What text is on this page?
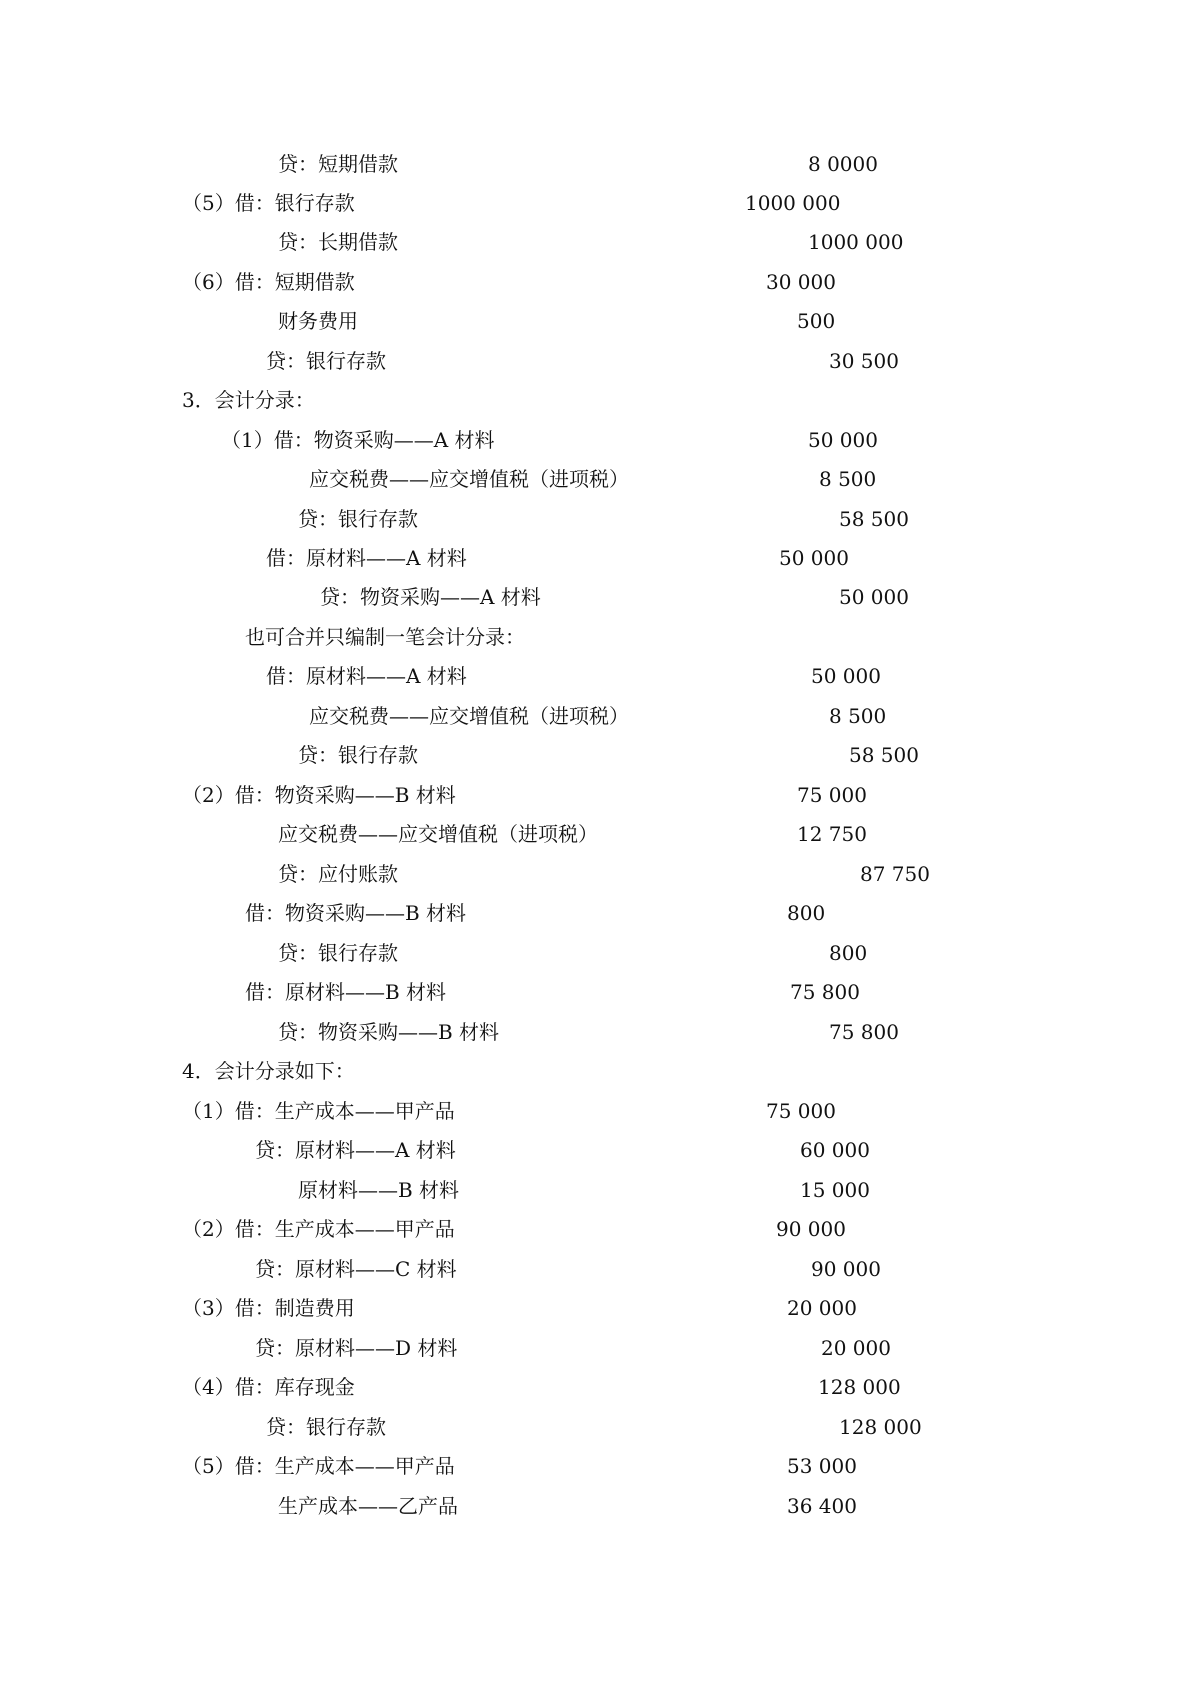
贷：短期借款	8 0000
（5）借：银行存款	1000 000
贷：长期借款	1000 000
（6）借：短期借款	30 000
财务费用	500
贷：银行存款	30 500
3．会计分录：
（1）借：物资采购——A 材料	50 000
应交税费——应交增值税（进项税）	8 500
贷：银行存款	58 500
借：原材料——A 材料	50 000
贷：物资采购——A 材料	50 000
也可合并只编制一笔会计分录：
借：原材料——A 材料	50 000
应交税费——应交增值税（进项税）	8 500
贷：银行存款	58 500
（2）借：物资采购——B 材料	75 000
应交税费——应交增值税（进项税）	12 750
贷：应付账款	87 750
借：物资采购——B 材料	800
贷：银行存款	800
借：原材料——B 材料	75 800
贷：物资采购——B 材料	75 800
4．会计分录如下：
（1）借：生产成本——甲产品	75 000
贷：原材料——A 材料	60 000
原材料——B 材料	15 000
（2）借：生产成本——甲产品	90 000
贷：原材料——C 材料	90 000
（3）借：制造费用	20 000
贷：原材料——D 材料	20 000
（4）借：库存现金	128 000
贷：银行存款	128 000
（5）借：生产成本——甲产品	53 000
生产成本——乙产品	36 400
